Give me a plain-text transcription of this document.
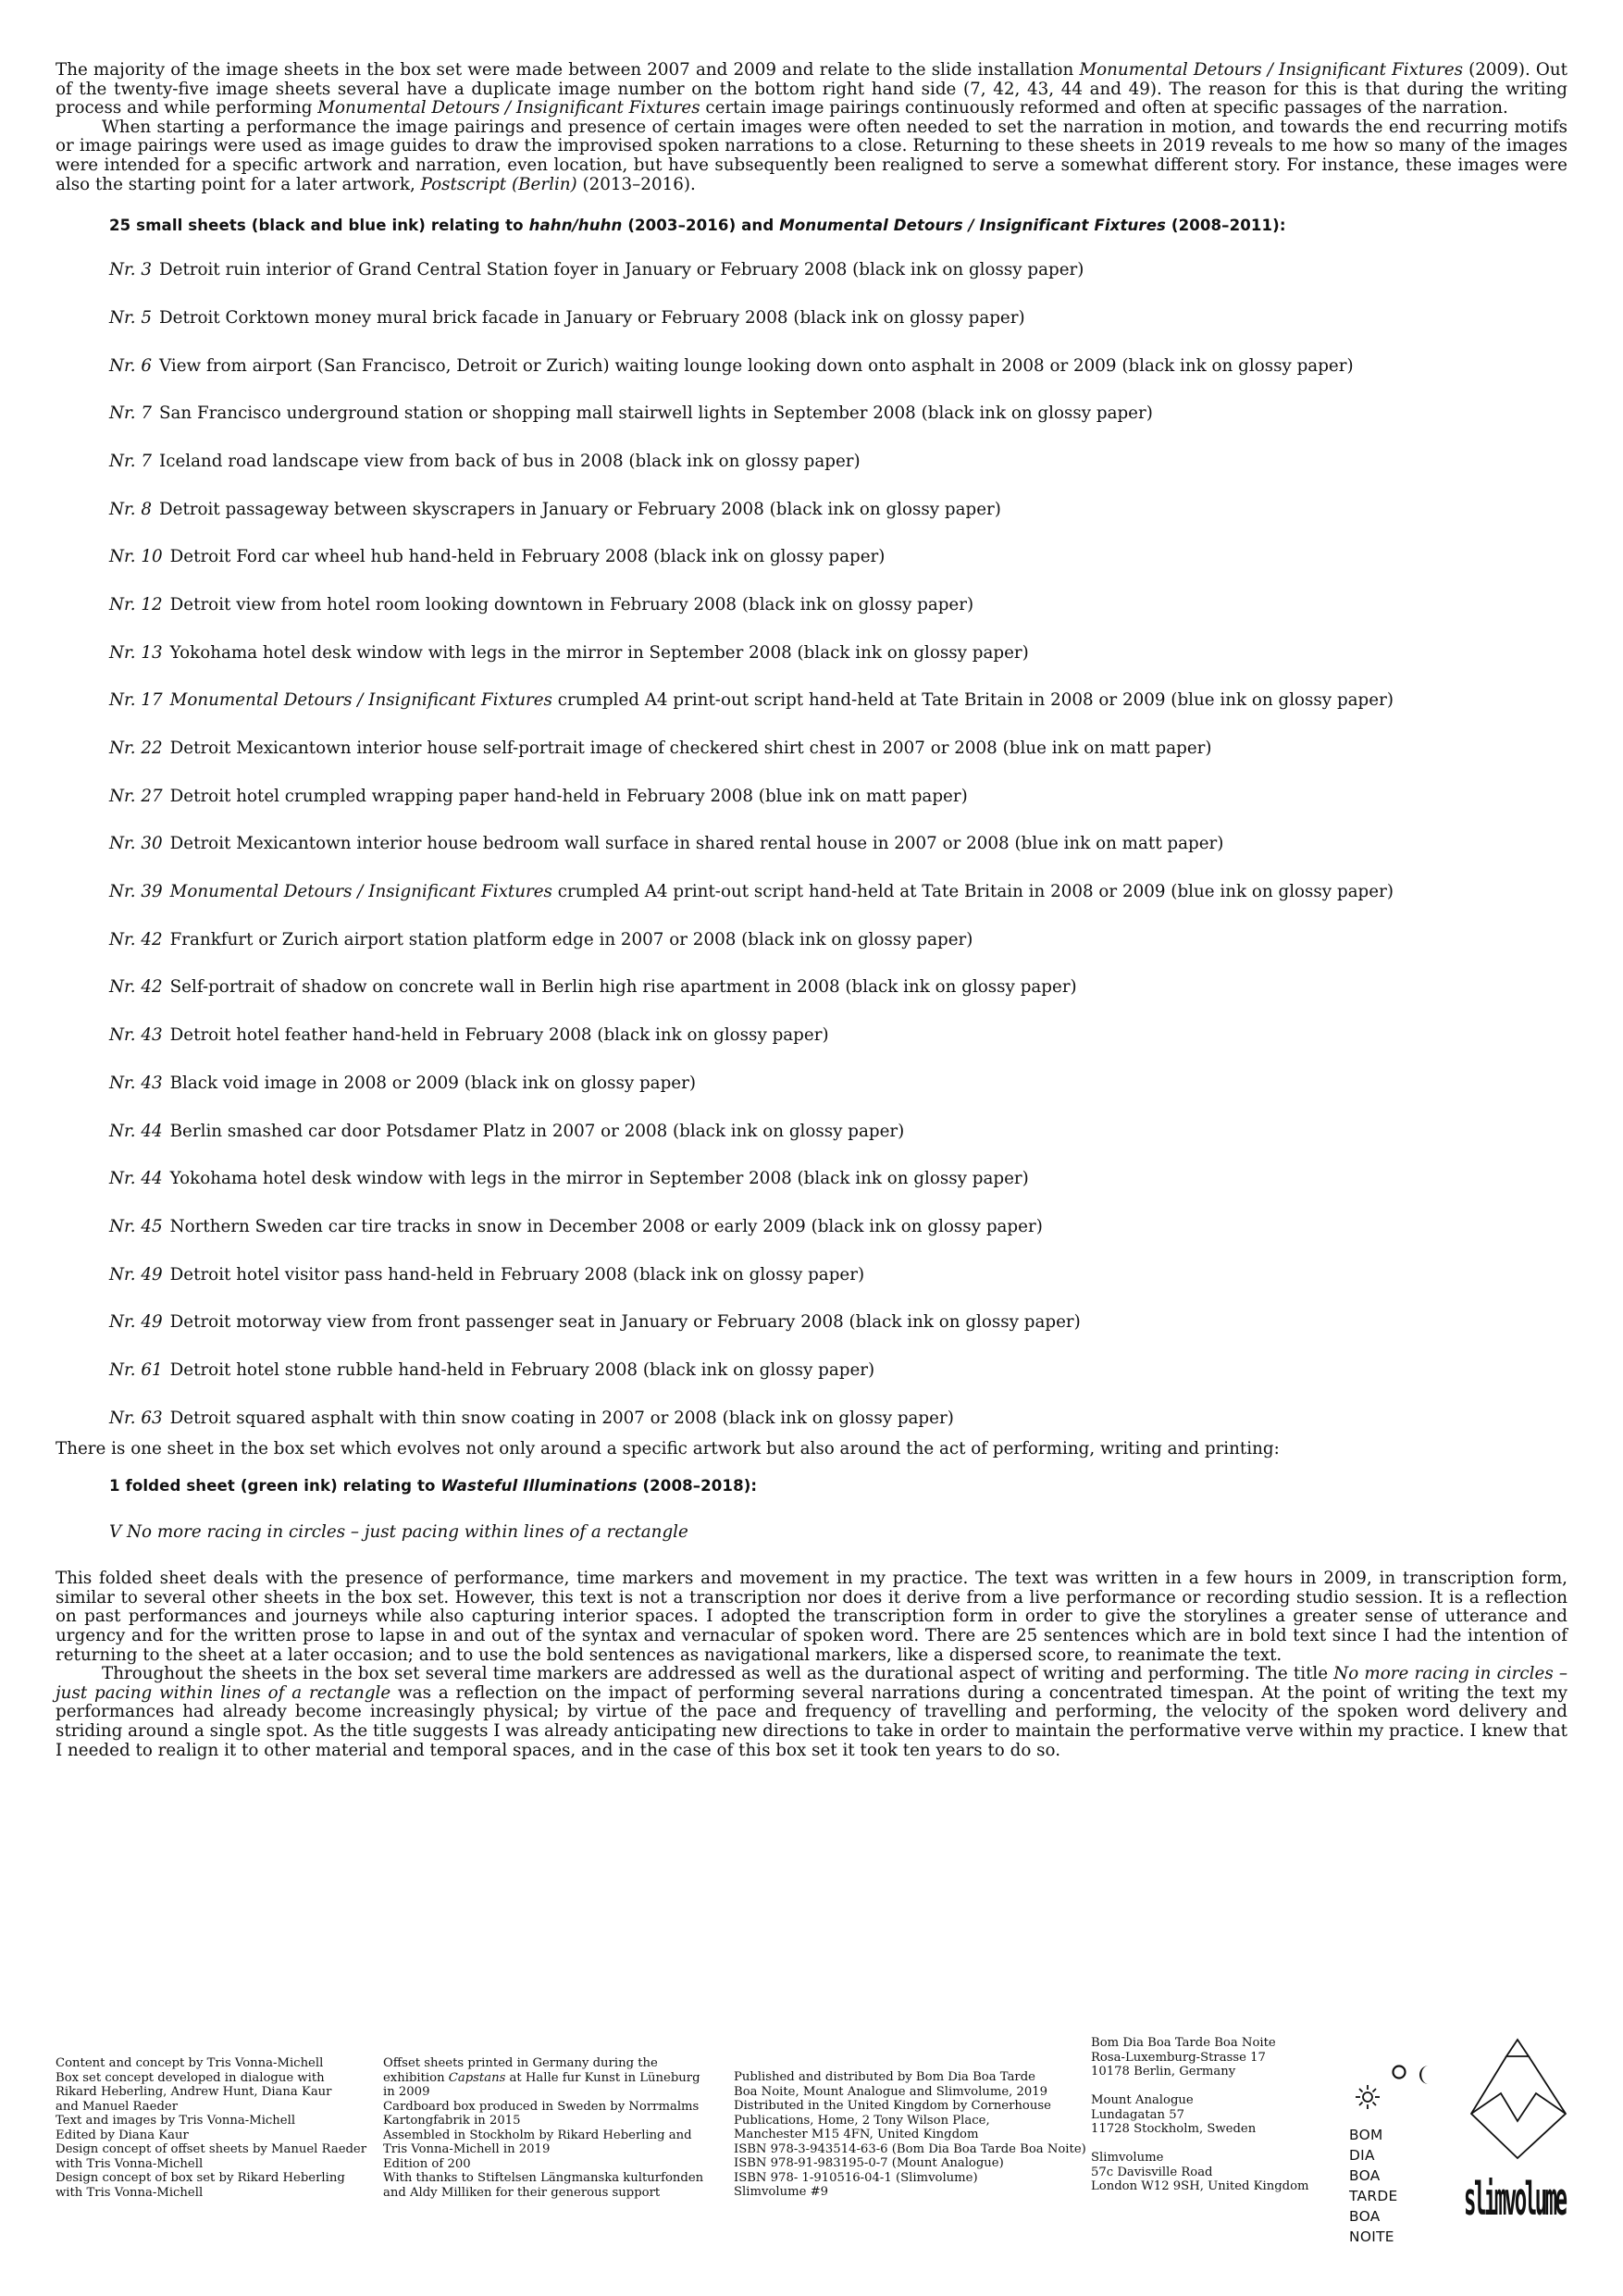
The majority of the image sheets in the box set were made between 2007 and 2009 and relate to the slide installation Monumental Detours / Insignificant Fixtures (2009). Out of the twenty-five image sheets several have a duplicate image number on the bottom right hand side (7, 42, 43, 44 and 49). The reason for this is that during the writing process and while performing Monumental Detours / Insignificant Fixtures certain image pairings continuously reformed and often at specific passages of the narration.

When starting a performance the image pairings and presence of certain images were often needed to set the narration in motion, and towards the end recurring motifs or image pairings were used as image guides to draw the improvised spoken narrations to a close. Returning to these sheets in 2019 reveals to me how so many of the images were intended for a specific artwork and narration, even location, but have subsequently been realigned to serve a somewhat different story. For instance, these images were also the starting point for a later artwork, Postscript (Berlin) (2013–2016).

25 small sheets (black and blue ink) relating to hahn/huhn (2003–2016) and Monumental Detours / Insignificant Fixtures (2008–2011):
Nr. 3 Detroit ruin interior of Grand Central Station foyer in January or February 2008 (black ink on glossy paper)
Nr. 5 Detroit Corktown money mural brick facade in January or February 2008 (black ink on glossy paper)
Nr. 6 View from airport (San Francisco, Detroit or Zurich) waiting lounge looking down onto asphalt in 2008 or 2009 (black ink on glossy paper)
Nr. 7 San Francisco underground station or shopping mall stairwell lights in September 2008 (black ink on glossy paper)
Nr. 7 Iceland road landscape view from back of bus in 2008 (black ink on glossy paper)
Nr. 8 Detroit passageway between skyscrapers in January or February 2008 (black ink on glossy paper)
Nr. 10 Detroit Ford car wheel hub hand-held in February 2008 (black ink on glossy paper)
Nr. 12 Detroit view from hotel room looking downtown in February 2008 (black ink on glossy paper)
Nr. 13 Yokohama hotel desk window with legs in the mirror in September 2008 (black ink on glossy paper)
Nr. 17 Monumental Detours / Insignificant Fixtures crumpled A4 print-out script hand-held at Tate Britain in 2008 or 2009 (blue ink on glossy paper)
Nr. 22 Detroit Mexicantown interior house self-portrait image of checkered shirt chest in 2007 or 2008 (blue ink on matt paper)
Nr. 27 Detroit hotel crumpled wrapping paper hand-held in February 2008 (blue ink on matt paper)
Nr. 30 Detroit Mexicantown interior house bedroom wall surface in shared rental house in 2007 or 2008 (blue ink on matt paper)
Nr. 39 Monumental Detours / Insignificant Fixtures crumpled A4 print-out script hand-held at Tate Britain in 2008 or 2009 (blue ink on glossy paper)
Nr. 42 Frankfurt or Zurich airport station platform edge in 2007 or 2008 (black ink on glossy paper)
Nr. 42 Self-portrait of shadow on concrete wall in Berlin high rise apartment in 2008 (black ink on glossy paper)
Nr. 43 Detroit hotel feather hand-held in February 2008 (black ink on glossy paper)
Nr. 43 Black void image in 2008 or 2009 (black ink on glossy paper)
Nr. 44 Berlin smashed car door Potsdamer Platz in 2007 or 2008 (black ink on glossy paper)
Nr. 44 Yokohama hotel desk window with legs in the mirror in September 2008 (black ink on glossy paper)
Nr. 45 Northern Sweden car tire tracks in snow in December 2008 or early 2009 (black ink on glossy paper)
Nr. 49 Detroit hotel visitor pass hand-held in February 2008 (black ink on glossy paper)
Nr. 49 Detroit motorway view from front passenger seat in January or February 2008 (black ink on glossy paper)
Nr. 61 Detroit hotel stone rubble hand-held in February 2008 (black ink on glossy paper)
Nr. 63 Detroit squared asphalt with thin snow coating in 2007 or 2008 (black ink on glossy paper)

There is one sheet in the box set which evolves not only around a specific artwork but also around the act of performing, writing and printing:

1 folded sheet (green ink) relating to Wasteful Illuminations (2008–2018):
V No more racing in circles – just pacing within lines of a rectangle

This folded sheet deals with the presence of performance, time markers and movement in my practice. The text was written in a few hours in 2009, in transcription form, similar to several other sheets in the box set. However, this text is not a transcription nor does it derive from a live performance or recording studio session. It is a reflection on past performances and journeys while also capturing interior spaces. I adopted the transcription form in order to give the storylines a greater sense of utterance and urgency and for the written prose to lapse in and out of the syntax and vernacular of spoken word. There are 25 sentences which are in bold text since I had the intention of returning to the sheet at a later occasion; and to use the bold sentences as navigational markers, like a dispersed score, to reanimate the text.

Throughout the sheets in the box set several time markers are addressed as well as the durational aspect of writing and performing. The title No more racing in circles – just pacing within lines of a rectangle was a reflection on the impact of performing several narrations during a concentrated timespan. At the point of writing the text my performances had already become increasingly physical; by virtue of the pace and frequency of travelling and performing, the velocity of the spoken word delivery and striding around a single spot. As the title suggests I was already anticipating new directions to take in order to maintain the performative verve within my practice. I knew that I needed to realign it to other material and temporal spaces, and in the case of this box set it took ten years to do so.

Content and concept by Tris Vonna-Michell
Box set concept developed in dialogue with
Rikard Heberling, Andrew Hunt, Diana Kaur
and Manuel Raeder
Text and images by Tris Vonna-Michell
Edited by Diana Kaur
Design concept of offset sheets by Manuel Raeder
with Tris Vonna-Michell
Design concept of box set by Rikard Heberling
with Tris Vonna-Michell
Offset sheets printed in Germany during the
exhibition Capstans at Halle fur Kunst in Lüneburg
in 2009
Cardboard box produced in Sweden by Norrmalms
Kartongfabrik in 2015
Assembled in Stockholm by Rikard Heberling and
Tris Vonna-Michell in 2019
Edition of 200
With thanks to Stiftelsen Längmanska kulturfonden
and Aldy Milliken for their generous support
Published and distributed by Bom Dia Boa Tarde
Boa Noite, Mount Analogue and Slimvolume, 2019
Distributed in the United Kingdom by Cornerhouse
Publications, Home, 2 Tony Wilson Place,
Manchester M15 4FN, United Kingdom
ISBN 978-3-943514-63-6 (Bom Dia Boa Tarde Boa Noite)
ISBN 978-91-983195-0-7 (Mount Analogue)
ISBN 978- 1-910516-04-1 (Slimvolume)
Slimvolume #9
Bom Dia Boa Tarde Boa Noite
Rosa-Luxemburg-Strasse 17
10178 Berlin, Germany

Mount Analogue
Lundagatan 57
11728 Stockholm, Sweden

Slimvolume
57c Davisville Road
London W12 9SH, United Kingdom
BOM
DIA
BOA
TARDE
BOA
NOITE
slimvolume
